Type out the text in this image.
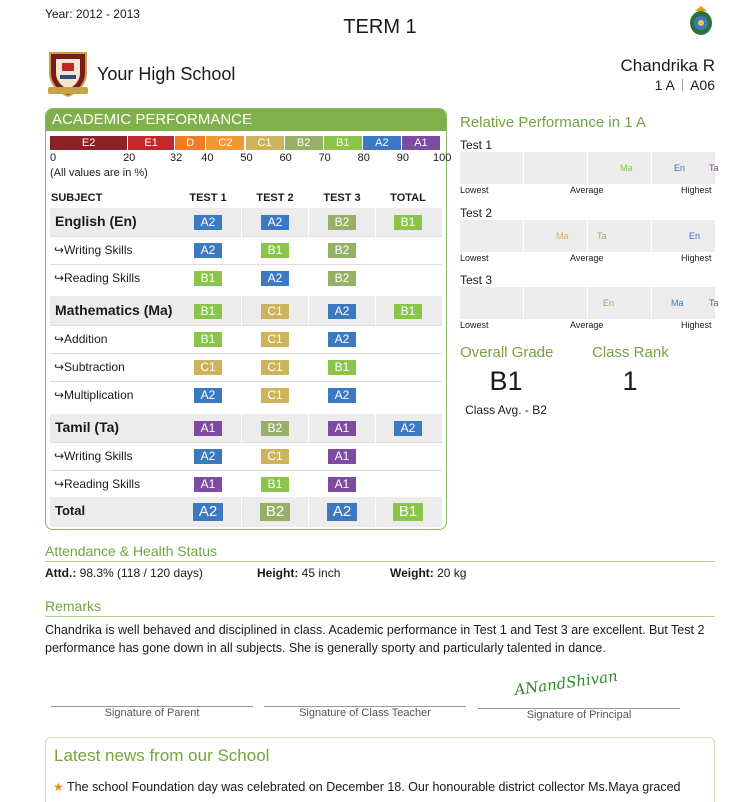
Year: 2012 - 2013
TERM 1
Your High School	Chandrika R
1 A A06
ACADEMIC PERFORMANCE
E2	E1	D	C2	C1	B2	B1	A2	A1
0	20	32 40 50 60 70 80 90 100
(All values are in %)
SUBJECT	TEST 1	TEST 2	TEST 3	TOTAL
English (En)	A2	A2	B2	B1
↪Writing Skills	A2	B1	B2
↪Reading Skills	B1	A2	B2
Mathematics (Ma)	B1	C1	A2	B1
↪Addition	B1	C1	A2
↪Subtraction	C1	C1	B1
↪Multiplication	A2	C1	A2
Tamil (Ta)	A1	B2	A1	A2
↪Writing Skills	A2	C1	A1
↪Reading Skills	A1	B1	A1
Total	A2	B2	A2	B1
Relative Performance in 1 A
Test 1
Ma	En	Ta
Lowest	Average	Highest
Test 2
Ma	Ta	En
Lowest	Average	Highest
Test 3
En	Ma	Ta
Lowest	Average	Highest
Overall Grade
B1
Class Avg. - B2
Class Rank
1
Attendance & Health Status
Attd.: 98.3% (118 / 120 days)	Height: 45 inch	Weight: 20 kg
Remarks
Chandrika is well behaved and disciplined in class. Academic performance in Test 1 and Test 3 are excellent. But Test 2 performance has gone down in all subjects. She is generally sporty and particularly talented in dance.
Signature of Parent	Signature of Class Teacher
ANandShivan
Signature of Principal
Latest news from our School
★ The school Foundation day was celebrated on December 18. Our honourable district collector Ms.Maya graced
